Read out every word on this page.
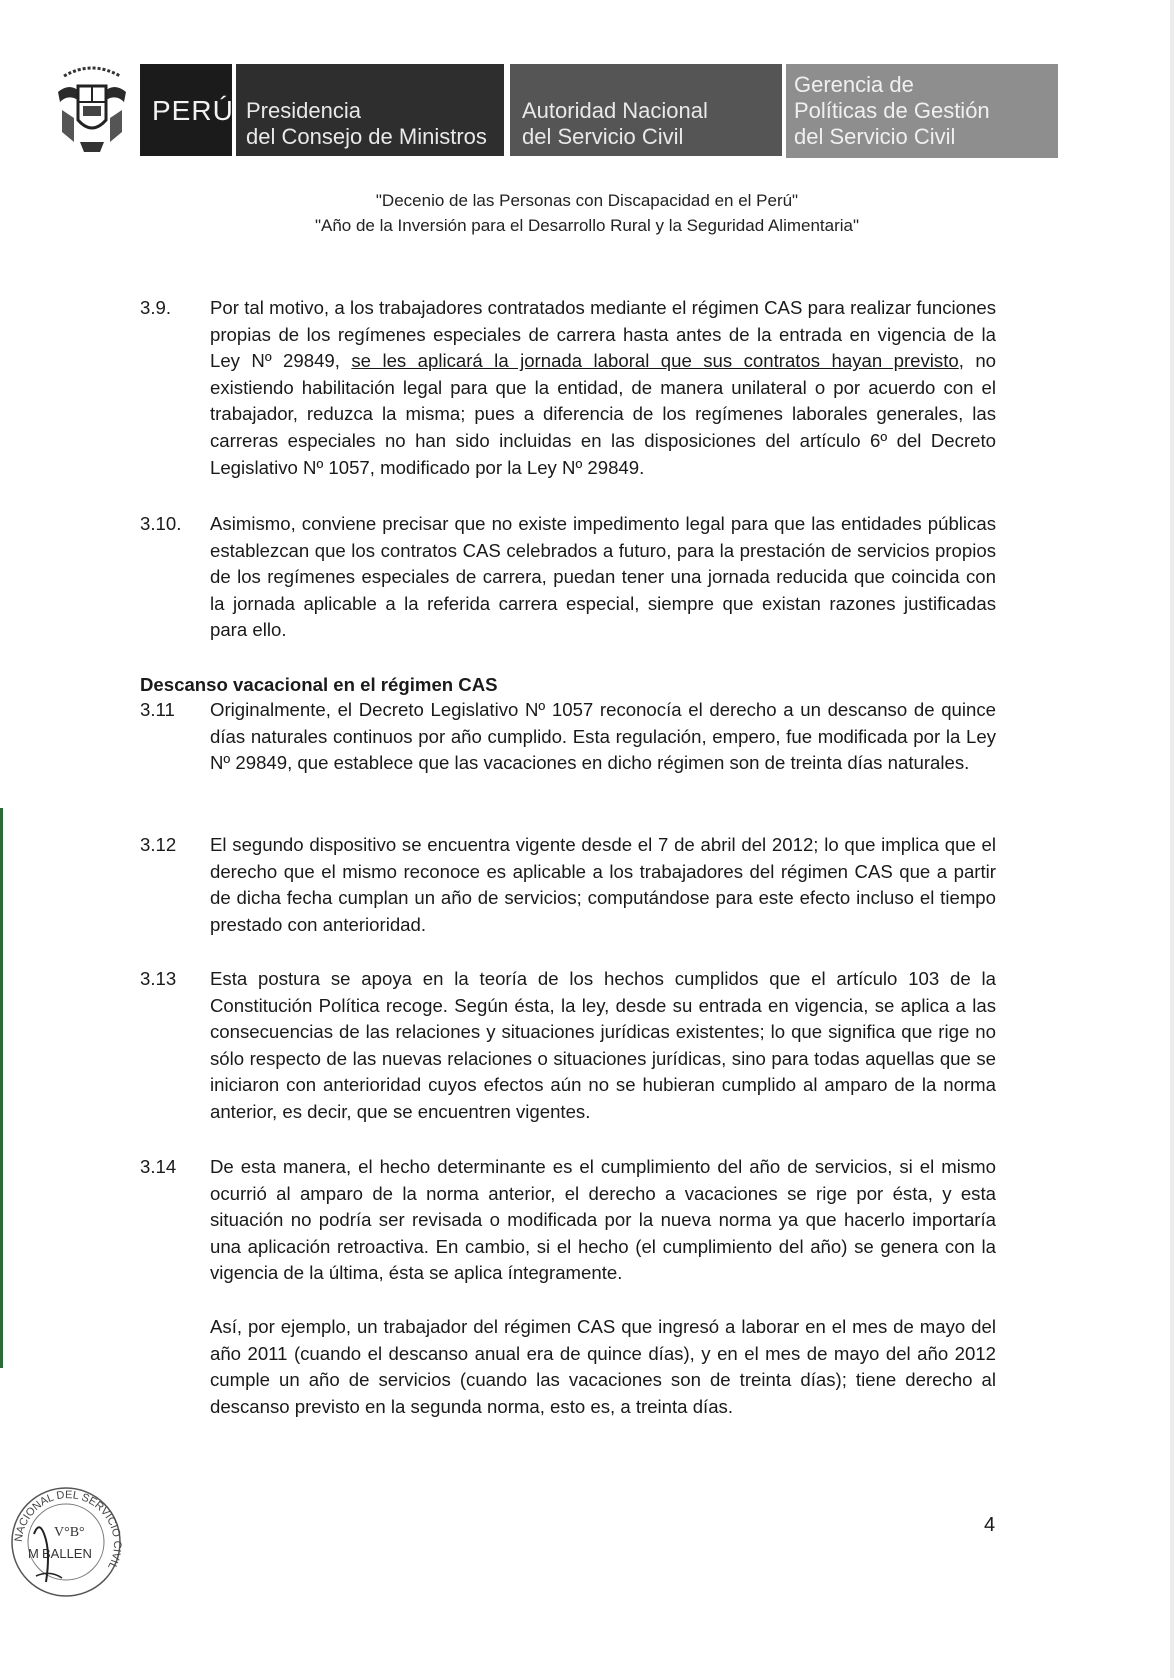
PERÚ Presidencia
del Consejo de Ministros
Autoridad Nacional
del Servicio Civil
Gerencia de
Políticas de Gestión
del Servicio Civil
"Decenio de las Personas con Discapacidad en el Perú"
"Año de la Inversión para el Desarrollo Rural y la Seguridad Alimentaria"
3.9. Por tal motivo, a los trabajadores contratados mediante el régimen CAS para realizar funciones propias de los regímenes especiales de carrera hasta antes de la entrada en vigencia de la Ley Nº 29849, se les aplicará la jornada laboral que sus contratos hayan previsto, no existiendo habilitación legal para que la entidad, de manera unilateral o por acuerdo con el trabajador, reduzca la misma; pues a diferencia de los regímenes laborales generales, las carreras especiales no han sido incluidas en las disposiciones del artículo 6º del Decreto Legislativo Nº 1057, modificado por la Ley Nº 29849.
3.10. Asimismo, conviene precisar que no existe impedimento legal para que las entidades públicas establezcan que los contratos CAS celebrados a futuro, para la prestación de servicios propios de los regímenes especiales de carrera, puedan tener una jornada reducida que coincida con la jornada aplicable a la referida carrera especial, siempre que existan razones justificadas para ello.
Descanso vacacional en el régimen CAS
3.11 Originalmente, el Decreto Legislativo Nº 1057 reconocía el derecho a un descanso de quince días naturales continuos por año cumplido. Esta regulación, empero, fue modificada por la Ley Nº 29849, que establece que las vacaciones en dicho régimen son de treinta días naturales.
3.12 El segundo dispositivo se encuentra vigente desde el 7 de abril del 2012; lo que implica que el derecho que el mismo reconoce es aplicable a los trabajadores del régimen CAS que a partir de dicha fecha cumplan un año de servicios; computándose para este efecto incluso el tiempo prestado con anterioridad.
3.13 Esta postura se apoya en la teoría de los hechos cumplidos que el artículo 103 de la Constitución Política recoge. Según ésta, la ley, desde su entrada en vigencia, se aplica a las consecuencias de las relaciones y situaciones jurídicas existentes; lo que significa que rige no sólo respecto de las nuevas relaciones o situaciones jurídicas, sino para todas aquellas que se iniciaron con anterioridad cuyos efectos aún no se hubieran cumplido al amparo de la norma anterior, es decir, que se encuentren vigentes.
3.14 De esta manera, el hecho determinante es el cumplimiento del año de servicios, si el mismo ocurrió al amparo de la norma anterior, el derecho a vacaciones se rige por ésta, y esta situación no podría ser revisada o modificada por la nueva norma ya que hacerlo importaría una aplicación retroactiva. En cambio, si el hecho (el cumplimiento del año) se genera con la vigencia de la última, ésta se aplica íntegramente.
Así, por ejemplo, un trabajador del régimen CAS que ingresó a laborar en el mes de mayo del año 2011 (cuando el descanso anual era de quince días), y en el mes de mayo del año 2012 cumple un año de servicios (cuando las vacaciones son de treinta días); tiene derecho al descanso previsto en la segunda norma, esto es, a treinta días.
4
NACIONAL DEL SERVICIO CIVIL
V°B°
BALLEN
M
